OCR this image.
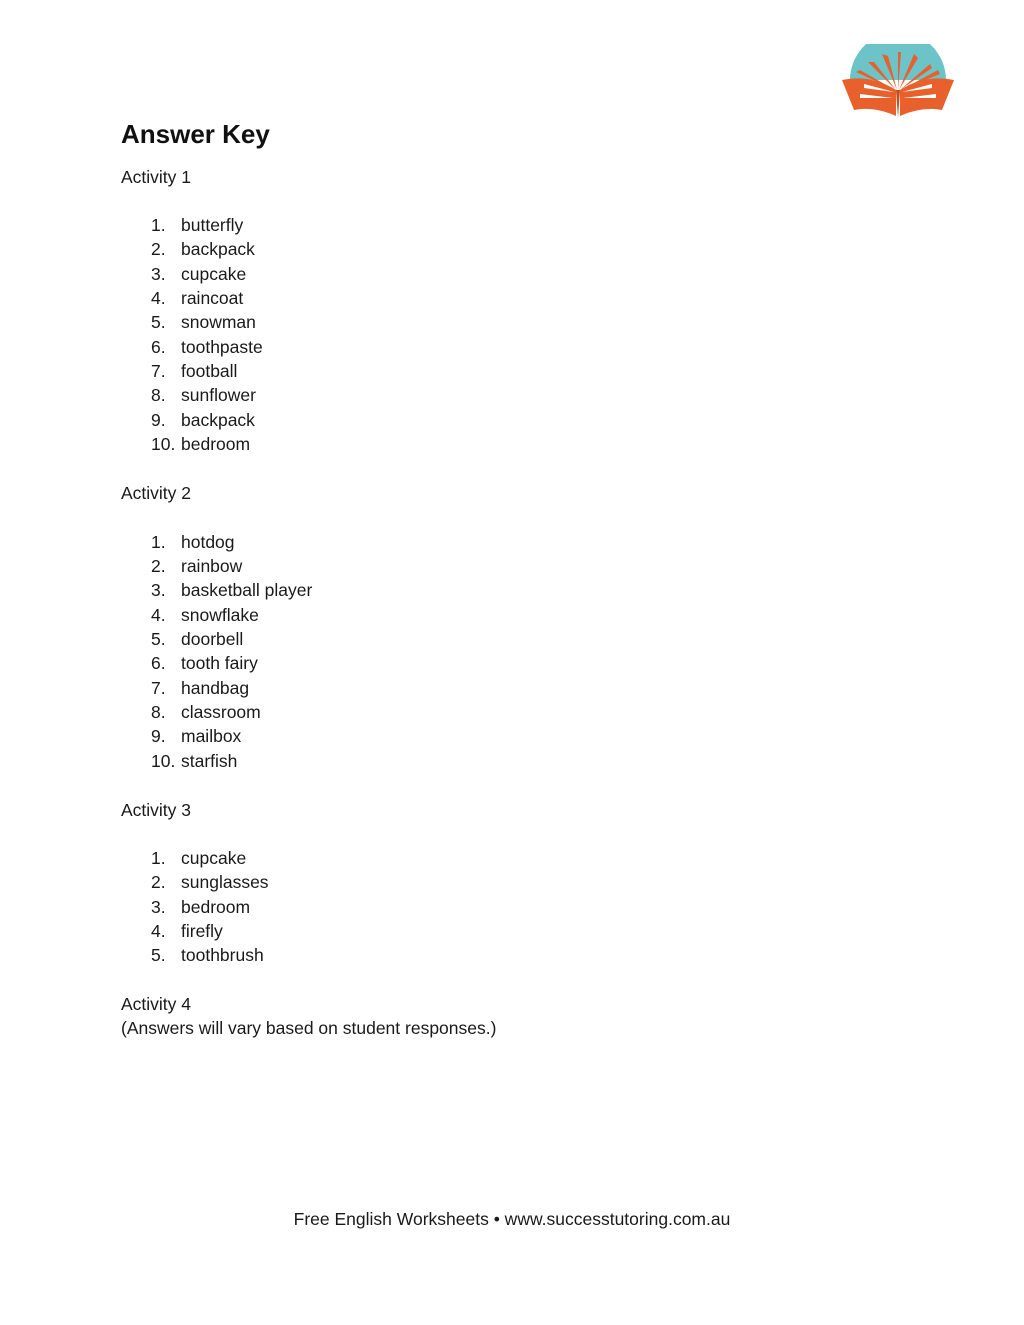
Answer Key
Activity 1
1. butterfly
2. backpack
3. cupcake
4. raincoat
5. snowman
6. toothpaste
7. football
8. sunflower
9. backpack
10. bedroom
Activity 2
1. hotdog
2. rainbow
3. basketball player
4. snowflake
5. doorbell
6. tooth fairy
7. handbag
8. classroom
9. mailbox
10. starfish
Activity 3
1. cupcake
2. sunglasses
3. bedroom
4. firefly
5. toothbrush
Activity 4
(Answers will vary based on student responses.)
Free English Worksheets • www.successtutoring.com.au
